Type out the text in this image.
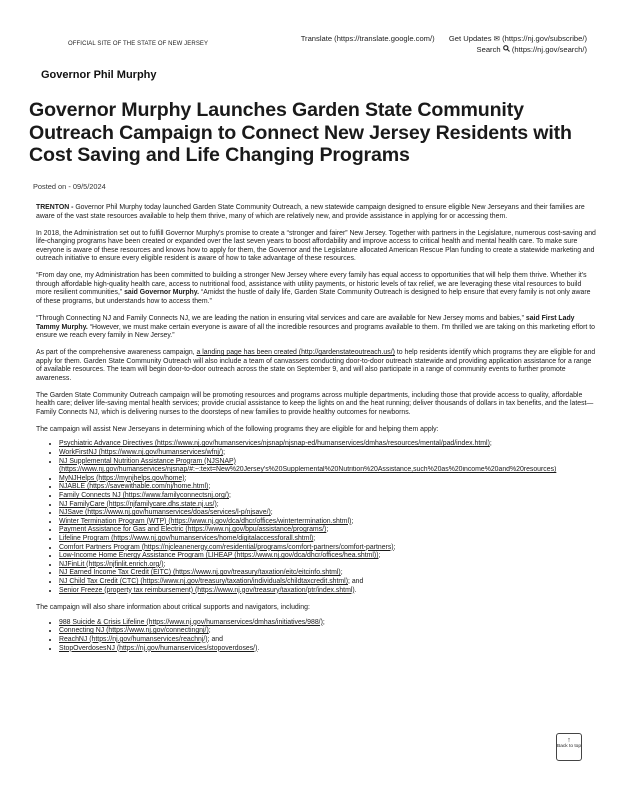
OFFICIAL SITE OF THE STATE OF NEW JERSEY
Translate (https://translate.google.com/) Get Updates ✉ (https://nj.gov/subscribe/)
Search (https://nj.gov/search/)
Governor Phil Murphy
Governor Murphy Launches Garden State Community Outreach Campaign to Connect New Jersey Residents with Cost Saving and Life Changing Programs
Posted on - 09/5/2024

TRENTON - Governor Phil Murphy today launched Garden State Community Outreach, a new statewide campaign designed to ensure eligible New Jerseyans and their families are aware of the vast state resources available to help them thrive, many of which are relatively new, and provide assistance in applying for or accessing them.

In 2018, the Administration set out to fulfill Governor Murphy's promise to create a “stronger and fairer” New Jersey. Together with partners in the Legislature, numerous cost-saving and life-changing programs have been created or expanded over the last seven years to boost affordability and improve access to critical health and mental health care. To make sure everyone is aware of these resources and knows how to apply for them, the Governor and the Legislature allocated American Rescue Plan funding to create a statewide marketing and outreach initiative to ensure every eligible resident is aware of how to take advantage of these resources.

“From day one, my Administration has been committed to building a stronger New Jersey where every family has equal access to opportunities that will help them thrive. Whether it's through affordable high-quality health care, access to nutritional food, assistance with utility payments, or historic levels of tax relief, we are leveraging these vital resources to build more resilient communities,” said Governor Murphy. “Amidst the hustle of daily life, Garden State Community Outreach is designed to help ensure that every family is not only aware of these programs, but understands how to access them.”

“Through Connecting NJ and Family Connects NJ, we are leading the nation in ensuring vital services and care are available for New Jersey moms and babies,” said First Lady Tammy Murphy. “However, we must make certain everyone is aware of all the incredible resources and programs available to them. I'm thrilled we are taking on this marketing effort to ensure we reach every family in New Jersey.”

As part of the comprehensive awareness campaign, a landing page has been created (http://gardenstateoutreach.us/) to help residents identify which programs they are eligible for and apply for them. Garden State Community Outreach will also include a team of canvassers conducting door-to-door outreach statewide and providing application assistance for a range of available resources. The team will begin door-to-door outreach across the state on September 9, and will also participate in a range of community events to further promote awareness.

The Garden State Community Outreach campaign will be promoting resources and programs across multiple departments, including those that provide access to quality, affordable health care; deliver life-saving mental health services; provide crucial assistance to keep the lights on and the heat running; deliver thousands of dollars in tax benefits, and the latest—Family Connects NJ, which is delivering nurses to the doorsteps of new families to provide healthy outcomes for newborns.

The campaign will assist New Jerseyans in determining which of the following programs they are eligible for and helping them apply:

• Psychiatric Advance Directives (https://www.nj.gov/humanservices/njsnap/njsnap-ed/humanservices/dmhas/resources/mental/pad/index.html);
• WorkFirstNJ (https://www.nj.gov/humanservices/wfnj/);
• NJ Supplemental Nutrition Assistance Program (NJSNAP)

(https://www.nj.gov/humanservices/njsnap/#:~:text=New%20Jersey's%20Supplemental%20Nutrition%20Assistance,such%20as%20income%20and%20resources)
• MyNJHelps (https://mynjhelps.gov/home);
• NJABLE (https://savewithable.com/nj/home.html);
• Family Connects NJ (https://www.familyconnectsnj.org/);
• NJ FamilyCare (https://njfamilycare.dhs.state.nj.us/);
• NJSave (https://www.nj.gov/humanservices/doas/services/l-p/njsave/);
• Winter Termination Program (WTP) (https://www.nj.gov/dca/dhcr/offices/wintertermination.shtml);
• Payment Assistance for Gas and Electric (https://www.nj.gov/bpu/assistance/programs/);
• Lifeline Program (https://www.nj.gov/humanservices/home/digitalaccessforall.shtml);
• Comfort Partners Program (https://njcleanenergy.com/residential/programs/comfort-partners/comfort-partners);
• Low-Income Home Energy Assistance Program (LIHEAP (https://www.nj.gov/dca/dhcr/offices/hea.shtml));
• NJFinLit (https://njfinlit.enrich.org/);
• NJ Earned Income Tax Credit (EITC) (https://www.nj.gov/treasury/taxation/eitc/eitcinfo.shtml);
• NJ Child Tax Credit (CTC) (https://www.nj.gov/treasury/taxation/individuals/childtaxcredit.shtml); and
• Senior Freeze (property tax reimbursement) (https://www.nj.gov/treasury/taxation/ptr/index.shtml).

The campaign will also share information about critical supports and navigators, including:

• 988 Suicide & Crisis Lifeline (https://www.nj.gov/humanservices/dmhas/initiatives/988/);
• Connecting NJ (https://www.nj.gov/connectingnj/);
• ReachNJ (https://nj.gov/humanservices/reachnj/); and
• StopOverdosesNJ (https://nj.gov/humanservices/stopoverdoses/).
↑
Back to top
